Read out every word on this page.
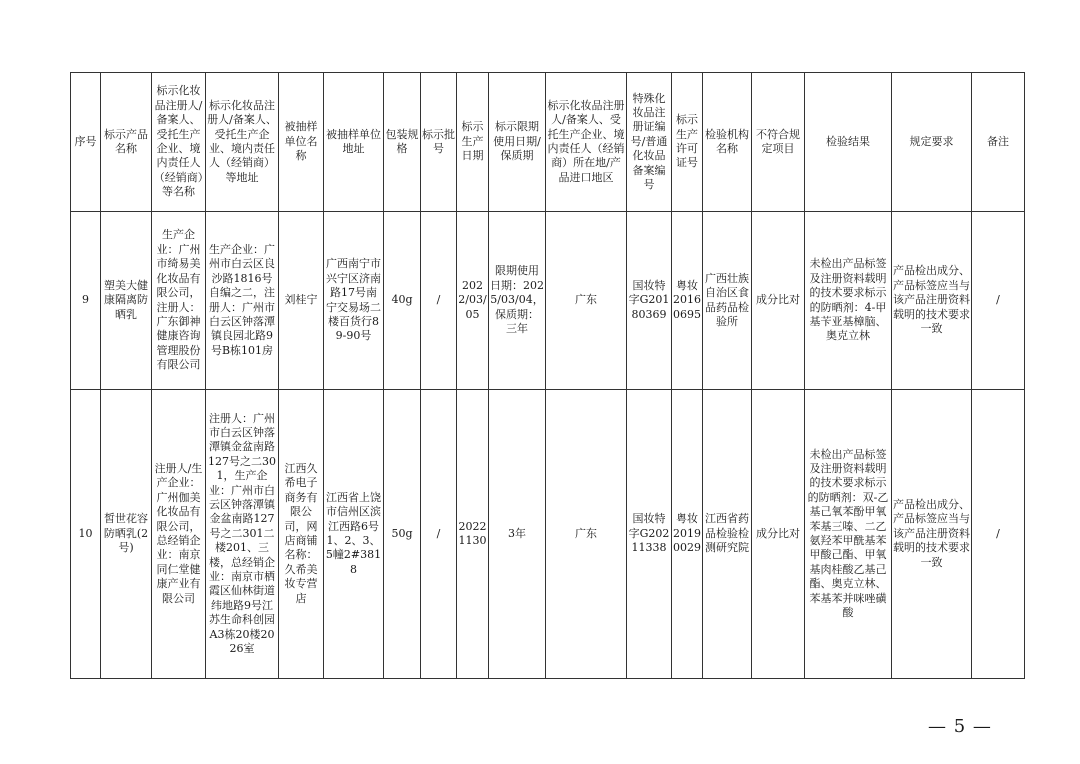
序号	标示产品名称	标示化妆品注册人/备案人、受托生产企业、境内责任人（经销商）等名称	标示化妆品注册人/备案人、受托生产企业、境内责任人（经销商）等地址	被抽样单位名称	被抽样单位地址	包装规格	标示批号	标示生产日期	标示限期使用日期/保质期	标示化妆品注册人/备案人、受托生产企业、境内责任人（经销商）所在地/产品进口地区	特殊化妆品注册证编号/普通化妆品备案编号	标示生产许可证号	检验机构名称	不符合规定项目	检验结果	规定要求	备注
9	塑美大健康隔离防晒乳	生产企业：广州市绮易美化妆品有限公司，注册人：广东御神健康咨询管理股份有限公司	生产企业：广州市白云区良沙路1816号自编之二，注册人：广州市白云区钟落潭镇良园北路9号B栋101房	刘桂宁	广西南宁市兴宁区济南路17号南宁交易场二楼百货行89-90号	40g	/	2022/03/05	限期使用日期：2025/03/04，保质期：三年	广东	国妆特字G20180369	粤妆20160695	广西壮族自治区食品药品检验所	成分比对	未检出产品标签及注册资料载明的技术要求标示的防晒剂：4-甲基苄亚基樟脑、奥克立林	产品检出成分、产品标签应当与该产品注册资料载明的技术要求一致	/
10	皙世花容防晒乳(2号)	注册人/生产企业：广州伽美化妆品有限公司，总经销企业：南京同仁堂健康产业有限公司	注册人：广州市白云区钟落潭镇金盆南路127号之二301，生产企业：广州市白云区钟落潭镇金盆南路127号之二301二楼201、三楼，总经销企业：南京市栖霞区仙林街道纬地路9号江苏生命科创园A3栋20楼2026室	江西久希电子商务有限公司，网店商铺名称：久希美妆专营店	江西省上饶市信州区滨江西路6号1、2、3、5幢2#3818	50g	/	20221130	3年	广东	国妆特字G20211338	粤妆20190029	江西省药品检验检测研究院	成分比对	未检出产品标签及注册资料载明的技术要求标示的防晒剂：双-乙基己氧苯酚甲氧苯基三嗪、二乙氨羟苯甲酰基苯甲酸己酯、甲氧基肉桂酸乙基己酯、奥克立林、苯基苯并咪唑磺酸	产品检出成分、产品标签应当与该产品注册资料载明的技术要求一致	/
— 5 —
